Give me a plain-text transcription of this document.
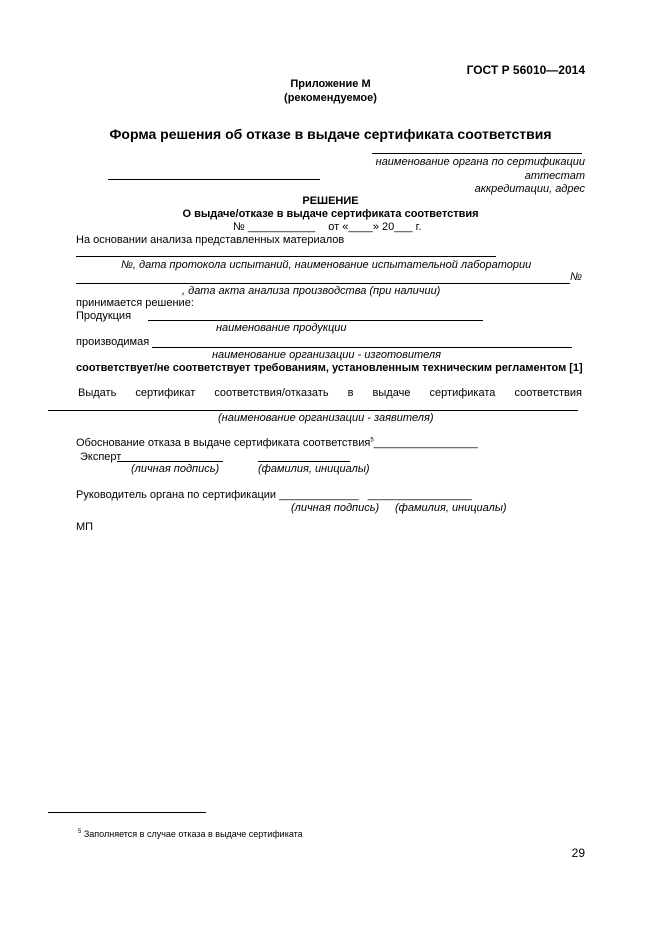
ГОСТ Р 56010—2014
Приложение М
(рекомендуемое)
Форма решения об отказе в выдаче сертификата соответствия
наименование органа по сертификации
аттестат
аккредитации, адрес
РЕШЕНИЕ
О выдаче/отказе в выдаче сертификата соответствия
№ ___________ от «____» 20___ г.
На основании анализа представленных материалов
№, дата протокола испытаний, наименование испытательной лаборатории
№
, дата акта анализа производства (при наличии)
принимается решение:
Продукция
наименование продукции
производимая
наименование организации - изготовителя
соответствует/не соответствует требованиям, установленным техническим регламентом [1]
Выдать сертификат соответствия/отказать в выдаче сертификата соответствия
(наименование организации - заявителя)
Обоснование отказа в выдаче сертификата соответствия$^5$_________________
Эксперт
(личная подпись)	(фамилия, инициалы)
Руководитель органа по сертификации _____________ _________________
(личная подпись) (фамилия, инициалы)
МП
$^5$ Заполняется в случае отказа в выдаче сертификата
29
